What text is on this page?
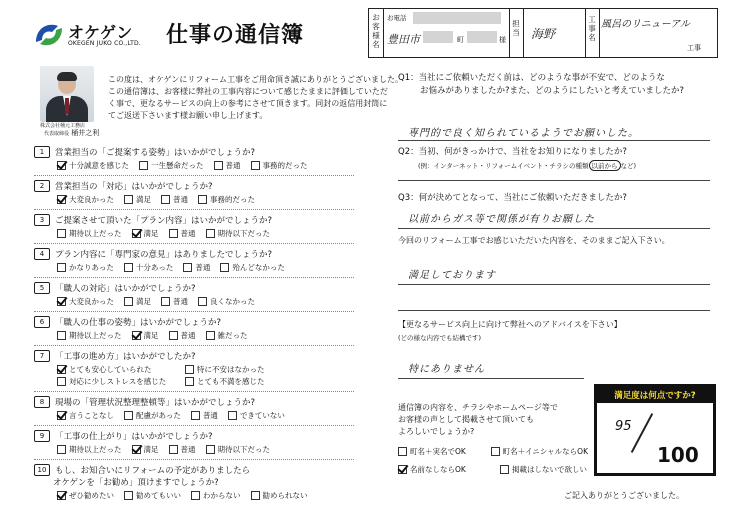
オケゲン
OKEGEN JUKO CO.,LTD. 仕事の通信簿
株式会社桶元工務店
代表取締役 桶井之利
この度は、オケゲンにリフォーム工事をご用命頂き誠にありがとうございました。
この通信簿は、お客様に弊社の工事内容について感じたままに評価していただ
く事で、更なるサービスの向上の参考にさせて頂きます。同封の返信用封筒に
てご返送下さいます様お願い申し上げます。
1	営業担当の「ご提案する姿勢」はいかがでしょうか?
十分誠意を感じた	一生懸命だった	普通	事務的だった
2	営業担当の「対応」はいかがでしょうか?
大変良かった	満足	普通	事務的だった
3	ご提案させて頂いた「プラン内容」はいかがでしょうか?
期待以上だった	満足	普通	期待以下だった
4	プラン内容に「専門家の意見」はありましたでしょうか?
かなりあった	十分あった	普通	殆んどなかった
5	「職人の対応」はいかがでしょうか?
大変良かった	満足	普通	良くなかった
6	「職人の仕事の姿勢」はいかがでしょうか?
期待以上だった	満足	普通	雑だった
7	「工事の進め方」はいかがでしたか?
とても安心していられた	特に不安はなかった
対応に少しストレスを感じた	とても不満を感じた
8	現場の「管理状況整理整頓等」はいかがでしょうか?
言うことなし	配慮があった	普通	できていない
9	「工事の仕上がり」はいかがでしょうか?
期待以上だった	満足	普通	期待以下だった
10	もし、お知合いにリフォームの予定がありましたら
オケゲンを「お勧め」頂けますでしょうか?
ぜひ勧めたい	勧めてもいい	わからない	勧められない
お客様名
お電話
豊田市	町	様
担当 海野
工事名
風呂のリニューアル
工事
Q1：当社にご依頼いただく前は、どのような事が不安で、どのような
お悩みがありましたか?また、どのようにしたいと考えていましたか?
専門的で良く知られているようでお願いした。
Q2：当初、何がきっかけで、当社をお知りになりましたか?
(例：インターネット・リフォームイベント・チラシの種類 以前から など)
Q3：何が決めてとなって、当社にご依頼いただきましたか?
以前からガス等で関係が有りお願した
今回のリフォーム工事でお感じいただいた内容を、そのままご記入下さい。
満足しております
【更なるサービス向上に向けて弊社へのアドバイスを下さい】
(どの様な内容でも結構です)
特にありません
通信簿の内容を、チラシやホームページ等で
お客様の声として掲載させて頂いても
よろしいでしょうか?
町名＋実名でOK	町名＋イニシャルならOK
名前なしならOK	掲載はしないで欲しい
満足度は何点ですか?
95
100
ご記入ありがとうございました。
